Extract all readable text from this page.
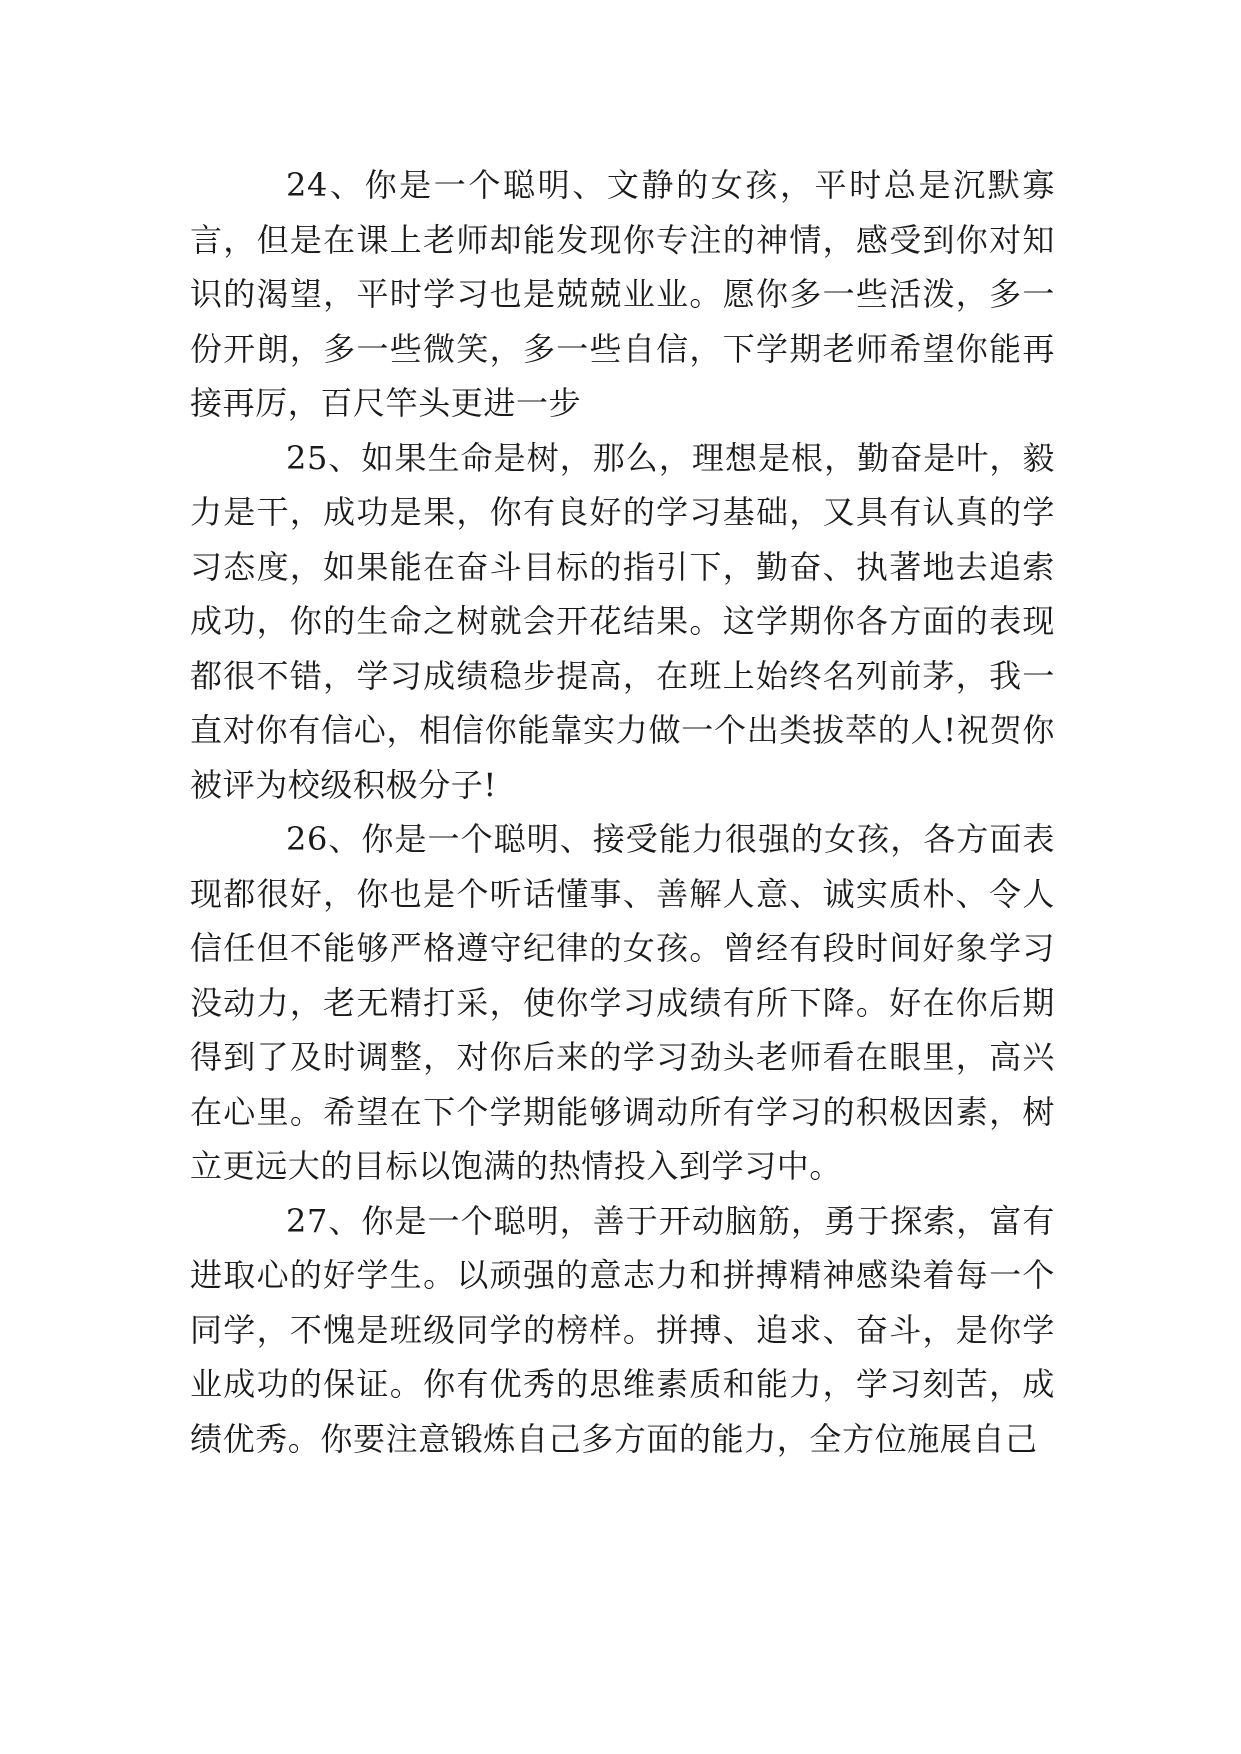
24、你是一个聪明、文静的女孩，平时总是沉默寡言，但是在课上老师却能发现你专注的神情，感受到你对知识的渴望，平时学习也是兢兢业业。愿你多一些活泼，多一份开朗，多一些微笑，多一些自信，下学期老师希望你能再接再厉，百尺竿头更进一步

25、如果生命是树，那么，理想是根，勤奋是叶，毅力是干，成功是果，你有良好的学习基础，又具有认真的学习态度，如果能在奋斗目标的指引下，勤奋、执著地去追索成功，你的生命之树就会开花结果。这学期你各方面的表现都很不错，学习成绩稳步提高，在班上始终名列前茅，我一直对你有信心，相信你能靠实力做一个出类拔萃的人!祝贺你被评为校级积极分子!

26、你是一个聪明、接受能力很强的女孩，各方面表现都很好，你也是个听话懂事、善解人意、诚实质朴、令人信任但不能够严格遵守纪律的女孩。曾经有段时间好象学习没动力，老无精打采，使你学习成绩有所下降。好在你后期得到了及时调整，对你后来的学习劲头老师看在眼里，高兴在心里。希望在下个学期能够调动所有学习的积极因素，树立更远大的目标以饱满的热情投入到学习中。

27、你是一个聪明，善于开动脑筋，勇于探索，富有进取心的好学生。以顽强的意志力和拼搏精神感染着每一个同学，不愧是班级同学的榜样。拼搏、追求、奋斗，是你学业成功的保证。你有优秀的思维素质和能力，学习刻苦，成绩优秀。你要注意锻炼自己多方面的能力，全方位施展自己
